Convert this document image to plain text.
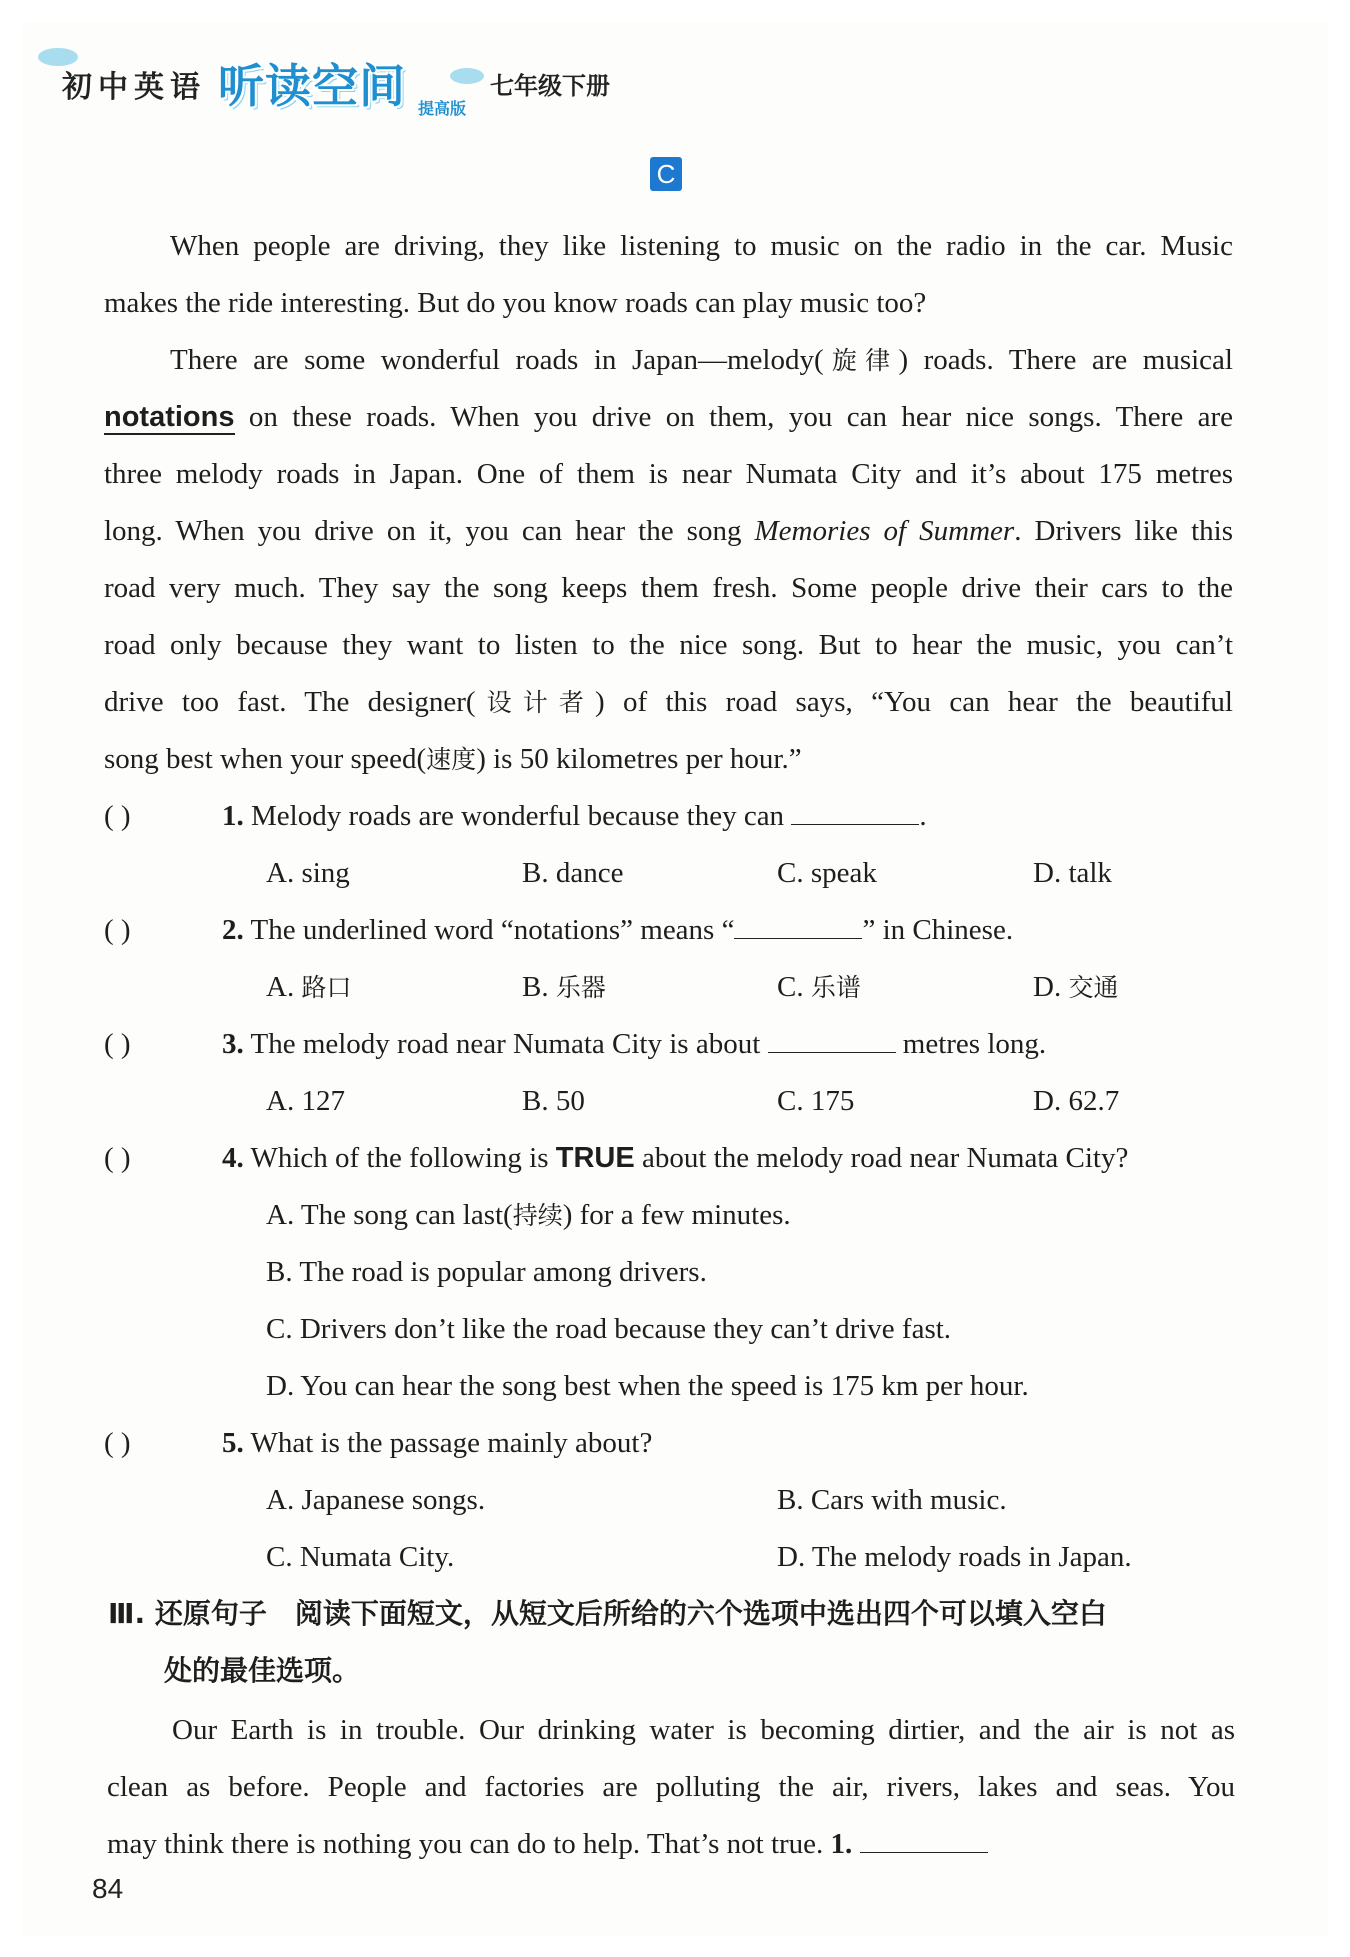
初中英语 听读空间 提高版
七年级下册
C
When people are driving, they like listening to music on the radio in the car. Music
makes the ride interesting. But do you know roads can play music too?
There are some wonderful roads in Japan—melody(旋律) roads. There are musical
notations on these roads. When you drive on them, you can hear nice songs. There are
three melody roads in Japan. One of them is near Numata City and it’s about 175 metres
long. When you drive on it, you can hear the song Memories of Summer. Drivers like this
road very much. They say the song keeps them fresh. Some people drive their cars to the
road only because they want to listen to the nice song. But to hear the music, you can’t
drive too fast. The designer(设计者) of this road says, “You can hear the beautiful
song best when your speed(速度) is 50 kilometres per hour.”
( )	1. Melody roads are wonderful because they can	.
A. sing	B. dance	C. speak	D. talk
( )	2. The underlined word “notations” means “	” in Chinese.
A. 路口	B. 乐器	C. 乐谱	D. 交通
( )	3. The melody road near Numata City is about	metres long.
A. 127	B. 50	C. 175	D. 62.7
( )	4. Which of the following is TRUE about the melody road near Numata City?
A. The song can last(持续) for a few minutes.
B. The road is popular among drivers.
C. Drivers don’t like the road because they can’t drive fast.
D. You can hear the song best when the speed is 175 km per hour.
( )	5. What is the passage mainly about?
A. Japanese songs.	B. Cars with music.
C. Numata City.	D. The melody roads in Japan.
Ⅲ. 还原句子　阅读下面短文，从短文后所给的六个选项中选出四个可以填入空白
处的最佳选项。
Our Earth is in trouble. Our drinking water is becoming dirtier, and the air is not as
clean as before. People and factories are polluting the air, rivers, lakes and seas. You
may think there is nothing you can do to help. That’s not true. 1.
84
